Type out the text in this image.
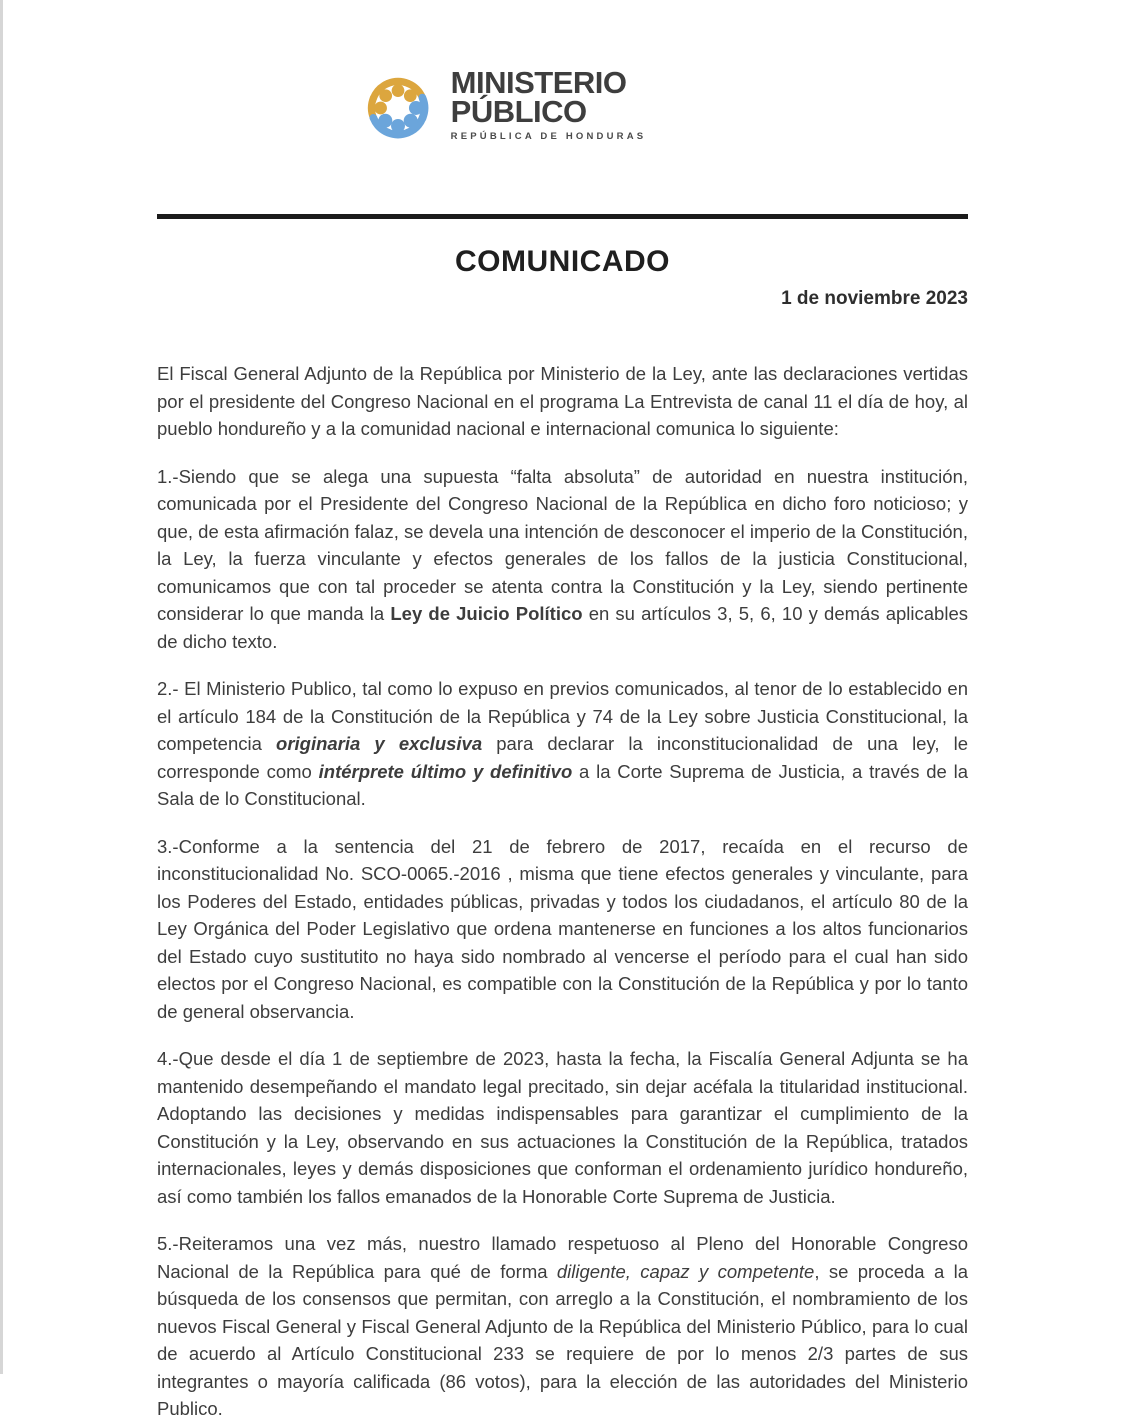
MINISTERIO
PÚBLICO
REPÚBLICA DE HONDURAS
COMUNICADO
1 de noviembre 2023

El Fiscal General Adjunto de la República por Ministerio de la Ley, ante las declaraciones vertidas por el presidente del Congreso Nacional en el programa La Entrevista de canal 11 el día de hoy, al pueblo hondureño y a la comunidad nacional e internacional comunica lo siguiente:

1.-Siendo que se alega una supuesta “falta absoluta” de autoridad en nuestra institución, comunicada por el Presidente del Congreso Nacional de la República en dicho foro noticioso; y que, de esta afirmación falaz, se devela una intención de desconocer el imperio de la Constitución, la Ley, la fuerza vinculante y efectos generales de los fallos de la justicia Constitucional, comunicamos que con tal proceder se atenta contra la Constitución y la Ley, siendo pertinente considerar lo que manda la Ley de Juicio Político en su artículos 3, 5, 6, 10 y demás aplicables de dicho texto.

2.- El Ministerio Publico, tal como lo expuso en previos comunicados, al tenor de lo establecido en el artículo 184 de la Constitución de la República y 74 de la Ley sobre Justicia Constitucional, la competencia originaria y exclusiva para declarar la inconstitucionalidad de una ley, le corresponde como intérprete último y definitivo a la Corte Suprema de Justicia, a través de la Sala de lo Constitucional.

3.-Conforme a la sentencia del 21 de febrero de 2017, recaída en el recurso de inconstitucionalidad No. SCO-0065.-2016 , misma que tiene efectos generales y vinculante, para los Poderes del Estado, entidades públicas, privadas y todos los ciudadanos, el artículo 80 de la Ley Orgánica del Poder Legislativo que ordena mantenerse en funciones a los altos funcionarios del Estado cuyo sustitutito no haya sido nombrado al vencerse el período para el cual han sido electos por el Congreso Nacional, es compatible con la Constitución de la República y por lo tanto de general observancia.

4.-Que desde el día 1 de septiembre de 2023, hasta la fecha, la Fiscalía General Adjunta se ha mantenido desempeñando el mandato legal precitado, sin dejar acéfala la titularidad institucional. Adoptando las decisiones y medidas indispensables para garantizar el cumplimiento de la Constitución y la Ley, observando en sus actuaciones la Constitución de la República, tratados internacionales, leyes y demás disposiciones que conforman el ordenamiento jurídico hondureño, así como también los fallos emanados de la Honorable Corte Suprema de Justicia.

5.-Reiteramos una vez más, nuestro llamado respetuoso al Pleno del Honorable Congreso Nacional de la República para qué de forma diligente, capaz y competente, se proceda a la búsqueda de los consensos que permitan, con arreglo a la Constitución, el nombramiento de los nuevos Fiscal General y Fiscal General Adjunto de la República del Ministerio Público, para lo cual de acuerdo al Artículo Constitucional 233 se requiere de por lo menos 2/3 partes de sus integrantes o mayoría calificada (86 votos), para la elección de las autoridades del Ministerio Publico.
